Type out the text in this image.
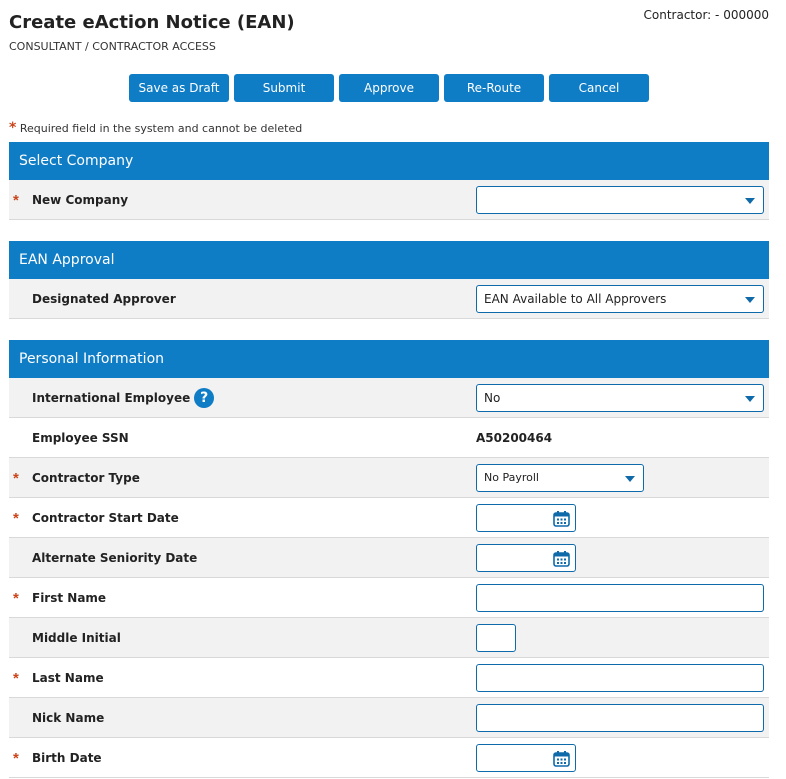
Create eAction Notice (EAN)
CONSULTANT / CONTRACTOR ACCESS
Contractor: - 000000
Save as Draft	Submit	Approve	Re-Route	Cancel
* Required field in the system and cannot be deleted
Select Company
* New Company
EAN Approval
Designated Approver	EAN Available to All Approvers
Personal Information
International Employee ?	No
Employee SSN	A50200464
* Contractor Type	No Payroll
* Contractor Start Date
Alternate Seniority Date
* First Name
Middle Initial
* Last Name
Nick Name
* Birth Date
